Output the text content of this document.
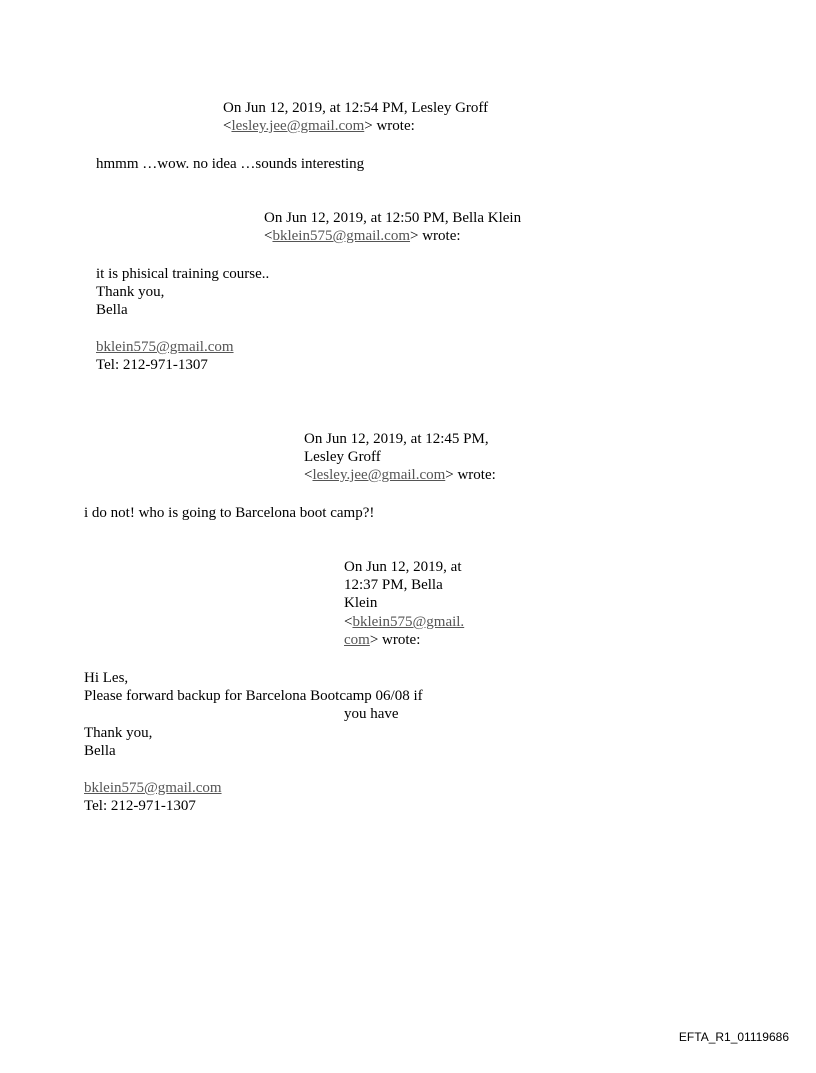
On Jun 12, 2019, at 12:54 PM, Lesley Groff
<lesley.jee@gmail.com> wrote:
hmmm …wow. no idea …sounds interesting
On Jun 12, 2019, at 12:50 PM, Bella Klein
<bklein575@gmail.com> wrote:
it is phisical training course..
Thank you,
Bella
bklein575@gmail.com
Tel: 212-971-1307
On Jun 12, 2019, at 12:45 PM,
Lesley Groff
<lesley.jee@gmail.com> wrote:
i do not! who is going to Barcelona boot camp?!
On Jun 12, 2019, at
12:37 PM, Bella
Klein
<bklein575@gmail.
com> wrote:
Hi Les,
Please forward backup for Barcelona Bootcamp 06/08 if
you have
Thank you,
Bella
bklein575@gmail.com
Tel: 212-971-1307
EFTA_R1_01119686
